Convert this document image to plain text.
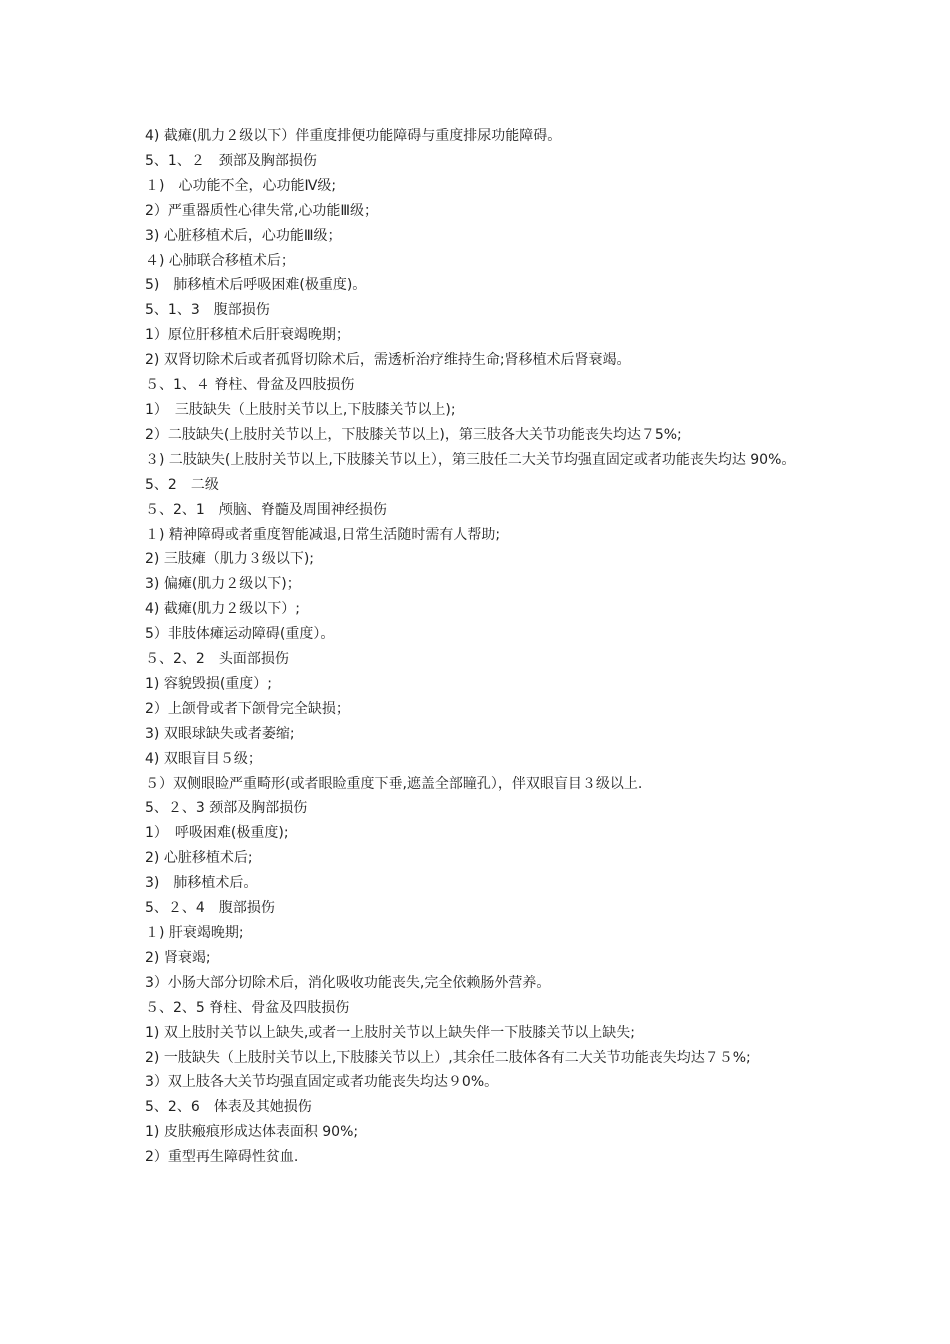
4) 截瘫(肌力２级以下）伴重度排便功能障碍与重度排尿功能障碍。
5、1、２　颈部及胸部损伤
１)　心功能不全，心功能Ⅳ级;
2）严重器质性心律失常,心功能Ⅲ级；
3) 心脏移植术后，心功能Ⅲ级；
４) 心肺联合移植术后；
5)　肺移植术后呼吸困难(极重度)。
5、1、3　腹部损伤
1）原位肝移植术后肝衰竭晚期；
2) 双肾切除术后或者孤肾切除术后，需透析治疗维持生命;肾移植术后肾衰竭。
５、1、４ 脊柱、骨盆及四肢损伤
1）　三肢缺失（上肢肘关节以上,下肢膝关节以上);
2）二肢缺失(上肢肘关节以上，下肢膝关节以上)，第三肢各大关节功能丧失均达７5%;
３) 二肢缺失(上肢肘关节以上,下肢膝关节以上），第三肢任二大关节均强直固定或者功能丧失均达 90%。
5、2　二级
５、2、1　颅脑、脊髓及周围神经损伤
１) 精神障碍或者重度智能减退,日常生活随时需有人帮助;
2) 三肢瘫（肌力３级以下);
3) 偏瘫(肌力２级以下)；
4) 截瘫(肌力２级以下）;
5）非肢体瘫运动障碍(重度）。
５、2、2　头面部损伤
1) 容貌毁损(重度）;
2）上颌骨或者下颌骨完全缺损；
3) 双眼球缺失或者萎缩;
4) 双眼盲目５级；
５）双侧眼睑严重畸形(或者眼睑重度下垂,遮盖全部瞳孔），伴双眼盲目３级以上.
5、２、3 颈部及胸部损伤
1）　呼吸困难(极重度);
2) 心脏移植术后;
3)　肺移植术后。
5、２、4　腹部损伤
１) 肝衰竭晚期;
2) 肾衰竭;
3）小肠大部分切除术后，消化吸收功能丧失,完全依赖肠外营养。
５、2、5 脊柱、骨盆及四肢损伤
1) 双上肢肘关节以上缺失,或者一上肢肘关节以上缺失伴一下肢膝关节以上缺失;
2) 一肢缺失（上肢肘关节以上,下肢膝关节以上）,其余任二肢体各有二大关节功能丧失均达７５%;
3）双上肢各大关节均强直固定或者功能丧失均达９0%。
5、2、6　体表及其她损伤
1) 皮肤瘢痕形成达体表面积 90%;
2）重型再生障碍性贫血.
